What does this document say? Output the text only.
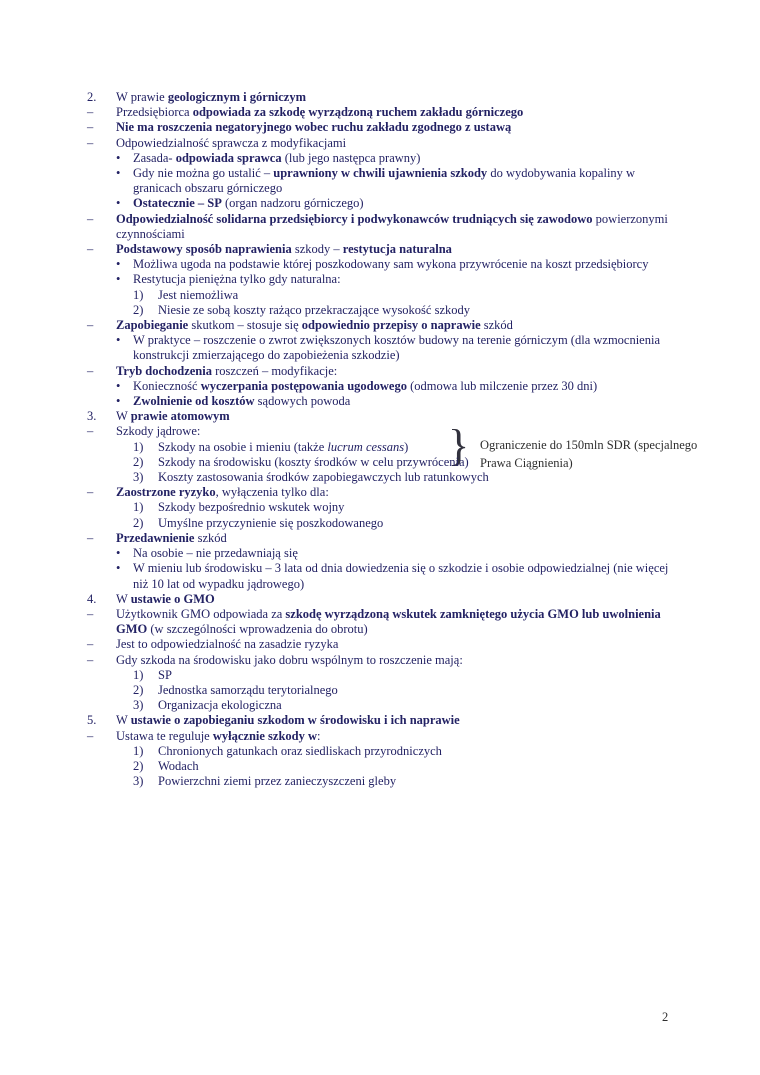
2. W prawie geologicznym i górniczym
– Przedsiębiorca odpowiada za szkodę wyrządzoną ruchem zakładu górniczego
– Nie ma roszczenia negatoryjnego wobec ruchu zakładu zgodnego z ustawą
– Odpowiedzialność sprawcza z modyfikacjami
• Zasada- odpowiada sprawca (lub jego następca prawny)
• Gdy nie można go ustalić – uprawniony w chwili ujawnienia szkody do wydobywania kopaliny w granicach obszaru górniczego
• Ostatecznie – SP (organ nadzoru górniczego)
– Odpowiedzialność solidarna przedsiębiorcy i podwykonawców trudniących się zawodowo powierzonymi czynnościami
– Podstawowy sposób naprawienia szkody – restytucja naturalna
• Możliwa ugoda na podstawie której poszkodowany sam wykona przywrócenie na koszt przedsiębiorcy
• Restytucja pieniężna tylko gdy naturalna:
1) Jest niemożliwa
2) Niesie ze sobą koszty rażąco przekraczające wysokość szkody
– Zapobieganie skutkom – stosuje się odpowiednio przepisy o naprawie szkód
• W praktyce – roszczenie o zwrot zwiększonych kosztów budowy na terenie górniczym (dla wzmocnienia konstrukcji zmierzającego do zapobieżenia szkodzie)
– Tryb dochodzenia roszczeń – modyfikacje:
• Konieczność wyczerpania postępowania ugodowego (odmowa lub milczenie przez 30 dni)
• Zwolnienie od kosztów sądowych powoda
3. W prawie atomowym
– Szkody jądrowe:
1) Szkody na osobie i mieniu (także lucrum cessans) } Ograniczenie do 150mln SDR (specjalnego Prawa Ciągnienia)
2) Szkody na środowisku (koszty środków w celu przywrócenia)
3) Koszty zastosowania środków zapobiegawczych lub ratunkowych
– Zaostrzone ryzyko, wyłączenia tylko dla:
1) Szkody bezpośrednio wskutek wojny
2) Umyślne przyczynienie się poszkodowanego
– Przedawnienie szkód
• Na osobie – nie przedawniają się
• W mieniu lub środowisku – 3 lata od dnia dowiedzenia się o szkodzie i osobie odpowiedzialnej (nie więcej niż 10 lat od wypadku jądrowego)
4. W ustawie o GMO
– Użytkownik GMO odpowiada za szkodę wyrządzoną wskutek zamkniętego użycia GMO lub uwolnienia GMO (w szczególności wprowadzenia do obrotu)
– Jest to odpowiedzialność na zasadzie ryzyka
– Gdy szkoda na środowisku jako dobru wspólnym to roszczenie mają:
1) SP
2) Jednostka samorządu terytorialnego
3) Organizacja ekologiczna
5. W ustawie o zapobieganiu szkodom w środowisku i ich naprawie
– Ustawa te reguluje wyłącznie szkody w:
1) Chronionych gatunkach oraz siedliskach przyrodniczych
2) Wodach
3) Powierzchni ziemi przez zanieczyszczeni gleby
2
